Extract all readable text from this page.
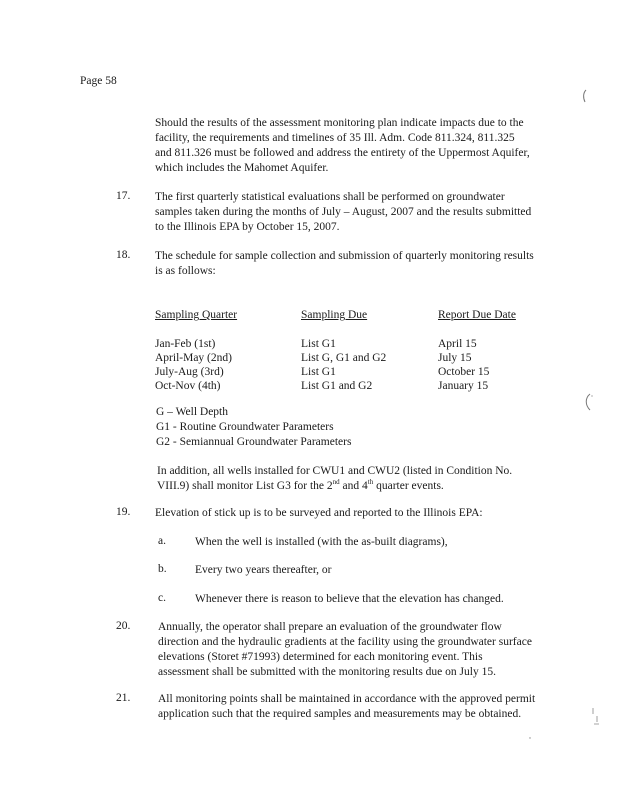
Page 58
Should the results of the assessment monitoring plan indicate impacts due to the
facility, the requirements and timelines of 35 Ill. Adm. Code 811.324, 811.325
and 811.326 must be followed and address the entirety of the Uppermost Aquifer,
which includes the Mahomet Aquifer.
17. The first quarterly statistical evaluations shall be performed on groundwater
samples taken during the months of July – August, 2007 and the results submitted
to the Illinois EPA by October 15, 2007.
18. The schedule for sample collection and submission of quarterly monitoring results
is as follows:
Sampling Quarter	Sampling Due	Report Due Date
Jan-Feb (1st)	List G1	April 15
April-May (2nd)	List G, G1 and G2	July 15
July-Aug (3rd)	List G1	October 15
Oct-Nov (4th)	List G1 and G2	January 15
G – Well Depth
G1 - Routine Groundwater Parameters
G2 - Semiannual Groundwater Parameters
In addition, all wells installed for CWU1 and CWU2 (listed in Condition No.
VIII.9) shall monitor List G3 for the 2nd and 4th quarter events.
19. Elevation of stick up is to be surveyed and reported to the Illinois EPA:
a.	When the well is installed (with the as-built diagrams),
b. Every two years thereafter, or
c.	Whenever there is reason to believe that the elevation has changed.
20. Annually, the operator shall prepare an evaluation of the groundwater flow
direction and the hydraulic gradients at the facility using the groundwater surface
elevations (Storet #71993) determined for each monitoring event. This
assessment shall be submitted with the monitoring results due on July 15.
21. All monitoring points shall be maintained in accordance with the approved permit
application such that the required samples and measurements may be obtained.
